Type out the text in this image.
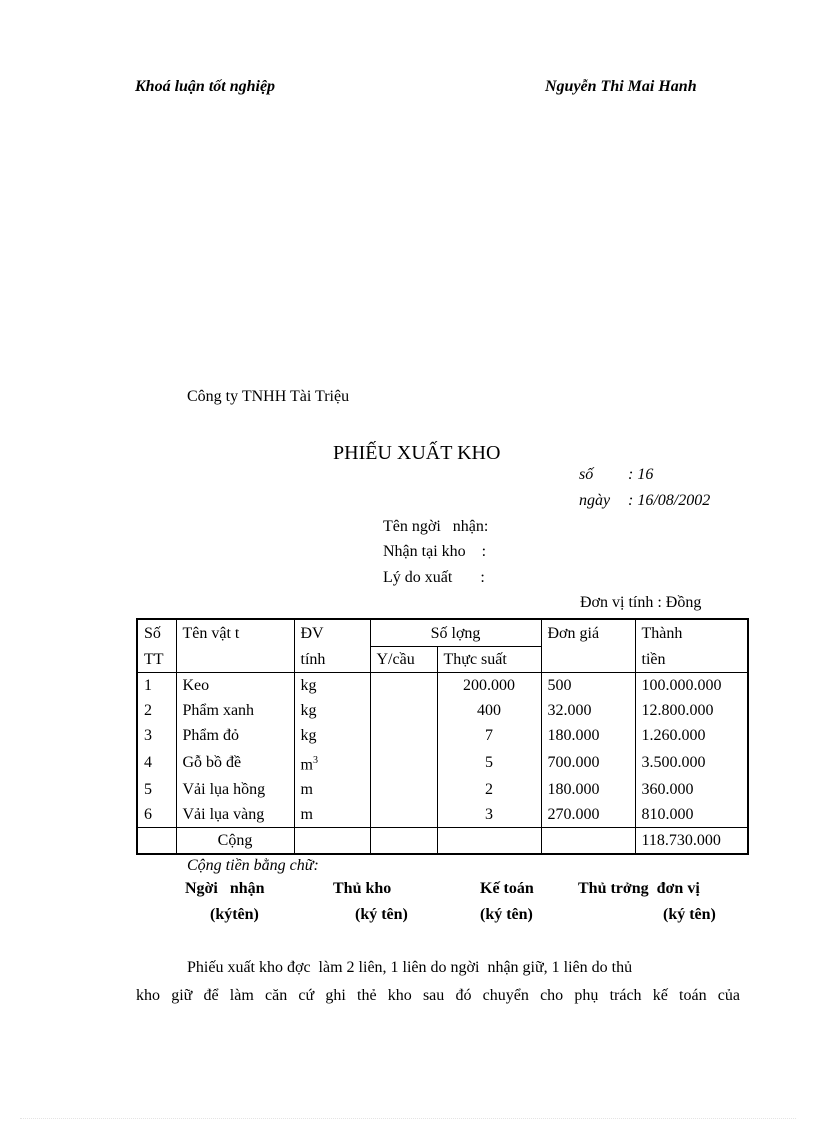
Khoá luận tốt nghiệp	Nguyễn Thi Mai Hanh
Công ty TNHH Tài Triệu
PHIẾU XUẤT KHO
số : 16
ngày : 16/08/2002
Tên ngời   nhận:
Nhận tại kho    :
Lý do xuất       :
Đơn vị tính : Đồng
Số	Tên vật t	ĐV	Số lợng		Đơn giá	Thành
TT		tính	Y/cầu	Thực suất		tiền
1	Keo	kg		200.000	500	100.000.000
2	Phẩm xanh	kg		400	32.000	12.800.000
3	Phẩm đỏ	kg		7	180.000	1.260.000
4	Gỗ bồ đề	$m^3$		5	700.000	3.500.000
5	Vải lụa hồng	m		2	180.000	360.000
6	Vải lụa vàng	m		3	270.000	810.000
	Cộng					118.730.000
Cộng tiền bằng chữ:
Ngời   nhận
(kýtên)
Thủ kho
(ký tên)
Kế toán
(ký tên)
Thủ trởng  đơn vị
(ký tên)
Phiếu xuất kho đợc  làm 2 liên, 1 liên do ngời  nhận giữ, 1 liên do thủ
kho giữ để làm căn cứ ghi thẻ kho sau đó chuyển cho phụ trách kế toán của
